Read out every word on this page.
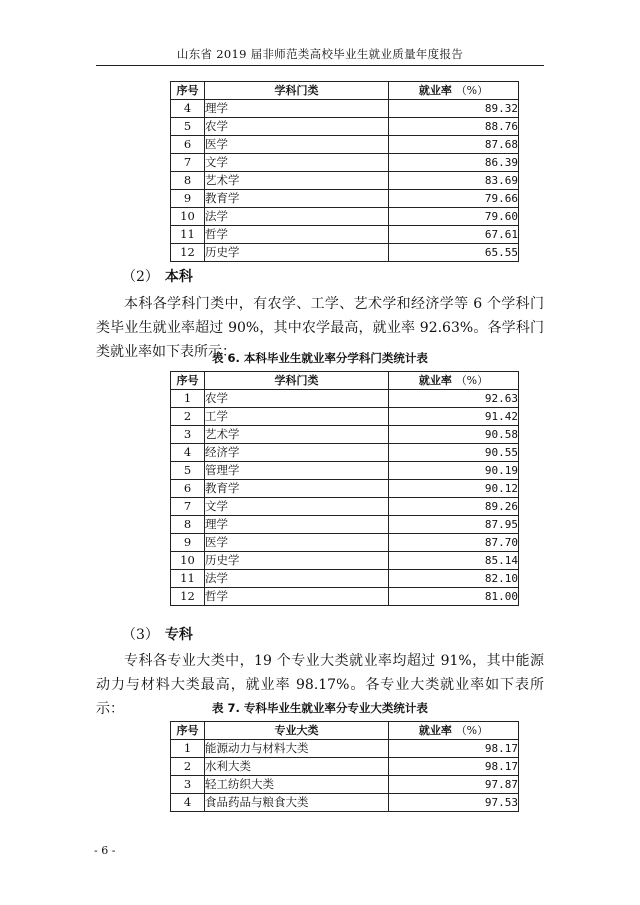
山东省 2019 届非师范类高校毕业生就业质量年度报告
序号	学科门类	就业率 （%）
4	理学	89.32
5	农学	88.76
6	医学	87.68
7	文学	86.39
8	艺术学	83.69
9	教育学	79.66
10	法学	79.60
11	哲学	67.61
12	历史学	65.55
（2） 本科
本科各学科门类中，有农学、工学、艺术学和经济学等 6 个学科门类毕业生就业率超过 90%，其中农学最高，就业率 92.63%。各学科门类就业率如下表所示：
表 6. 本科毕业生就业率分学科门类统计表
序号	学科门类	就业率 （%）
1	农学	92.63
2	工学	91.42
3	艺术学	90.58
4	经济学	90.55
5	管理学	90.19
6	教育学	90.12
7	文学	89.26
8	理学	87.95
9	医学	87.70
10	历史学	85.14
11	法学	82.10
12	哲学	81.00
（3） 专科
专科各专业大类中，19 个专业大类就业率均超过 91%，其中能源动力与材料大类最高，就业率 98.17%。各专业大类就业率如下表所示：	表 7. 专科毕业生就业率分专业大类统计表
序号	专业大类	就业率 （%）
1	能源动力与材料大类	98.17
2	水利大类	98.17
3	轻工纺织大类	97.87
4	食品药品与粮食大类	97.53
- 6 -
